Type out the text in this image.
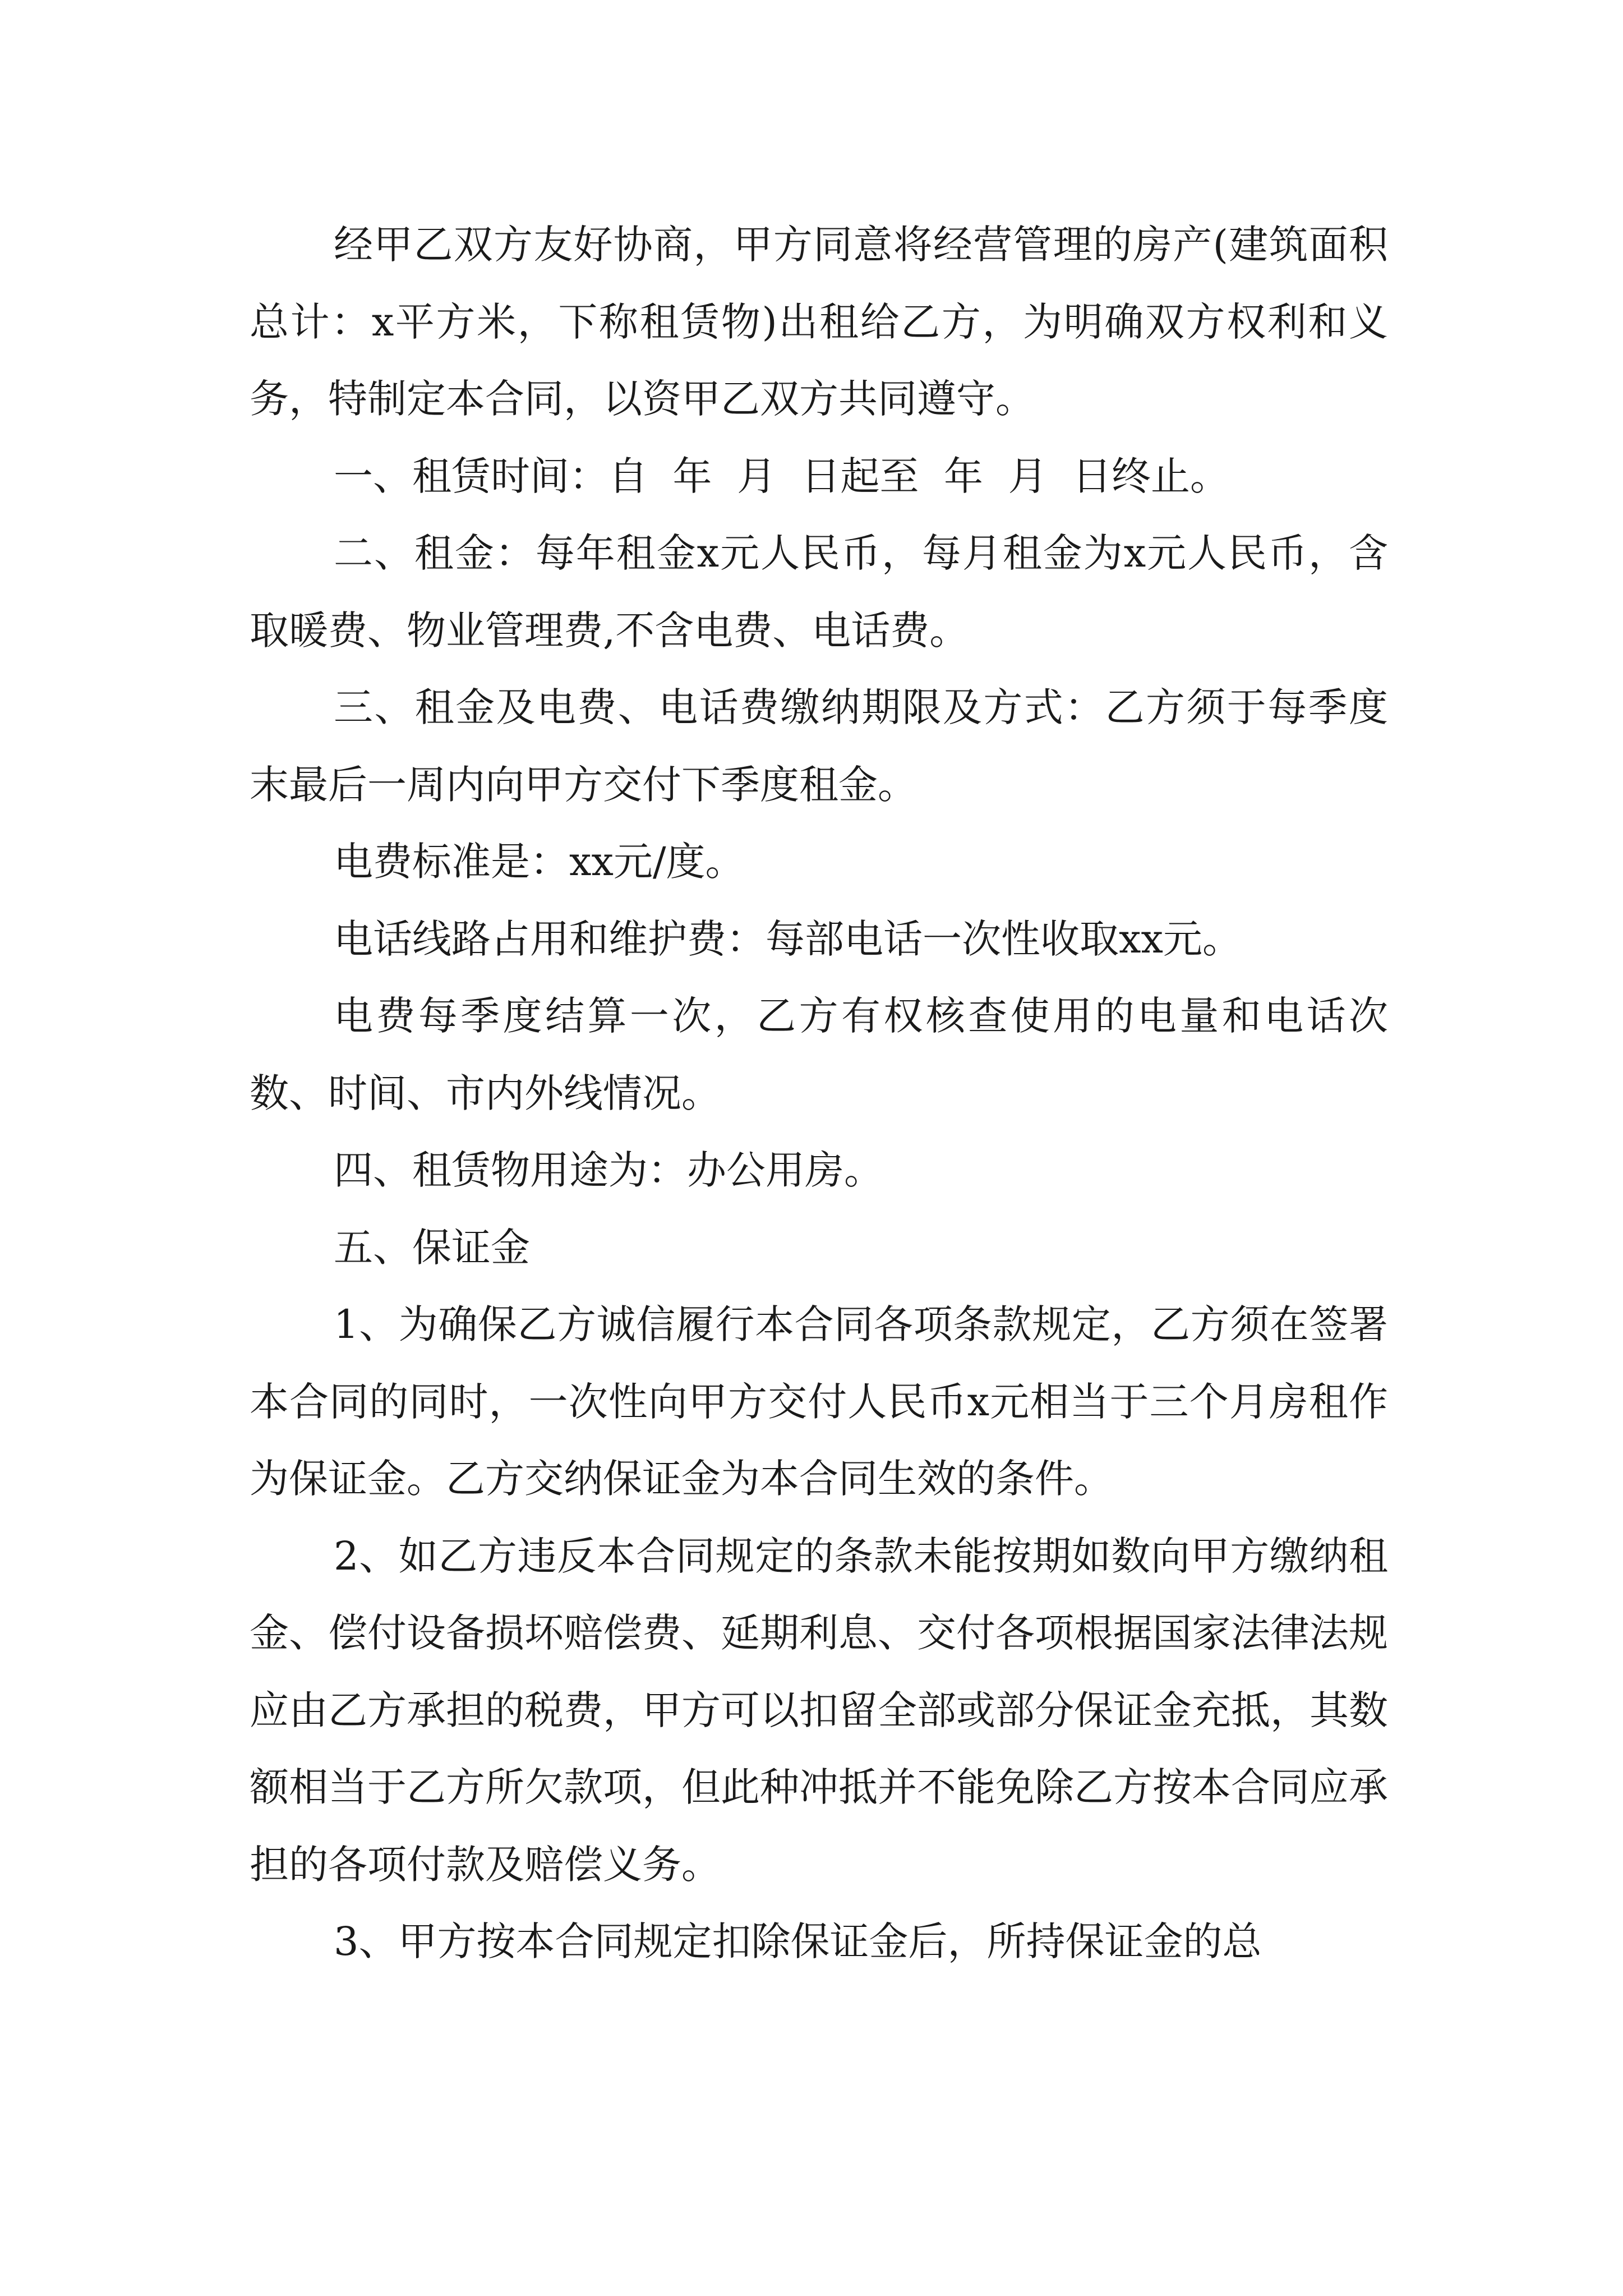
经甲乙双方友好协商，甲方同意将经营管理的房产(建筑面积总计：x平方米，下称租赁物)出租给乙方，为明确双方权利和义务，特制定本合同，以资甲乙双方共同遵守。

一、租赁时间：自  年  月  日起至  年  月  日终止。

二、租金：每年租金x元人民币，每月租金为x元人民币，含取暖费、物业管理费,不含电费、电话费。

三、租金及电费、电话费缴纳期限及方式：乙方须于每季度末最后一周内向甲方交付下季度租金。

电费标准是：xx元/度。

电话线路占用和维护费：每部电话一次性收取xx元。

电费每季度结算一次，乙方有权核查使用的电量和电话次数、时间、市内外线情况。

四、租赁物用途为：办公用房。

五、保证金

1、为确保乙方诚信履行本合同各项条款规定，乙方须在签署本合同的同时，一次性向甲方交付人民币x元相当于三个月房租作为保证金。乙方交纳保证金为本合同生效的条件。

2、如乙方违反本合同规定的条款未能按期如数向甲方缴纳租金、偿付设备损坏赔偿费、延期利息、交付各项根据国家法律法规应由乙方承担的税费，甲方可以扣留全部或部分保证金充抵，其数额相当于乙方所欠款项，但此种冲抵并不能免除乙方按本合同应承担的各项付款及赔偿义务。

3、甲方按本合同规定扣除保证金后，所持保证金的总
